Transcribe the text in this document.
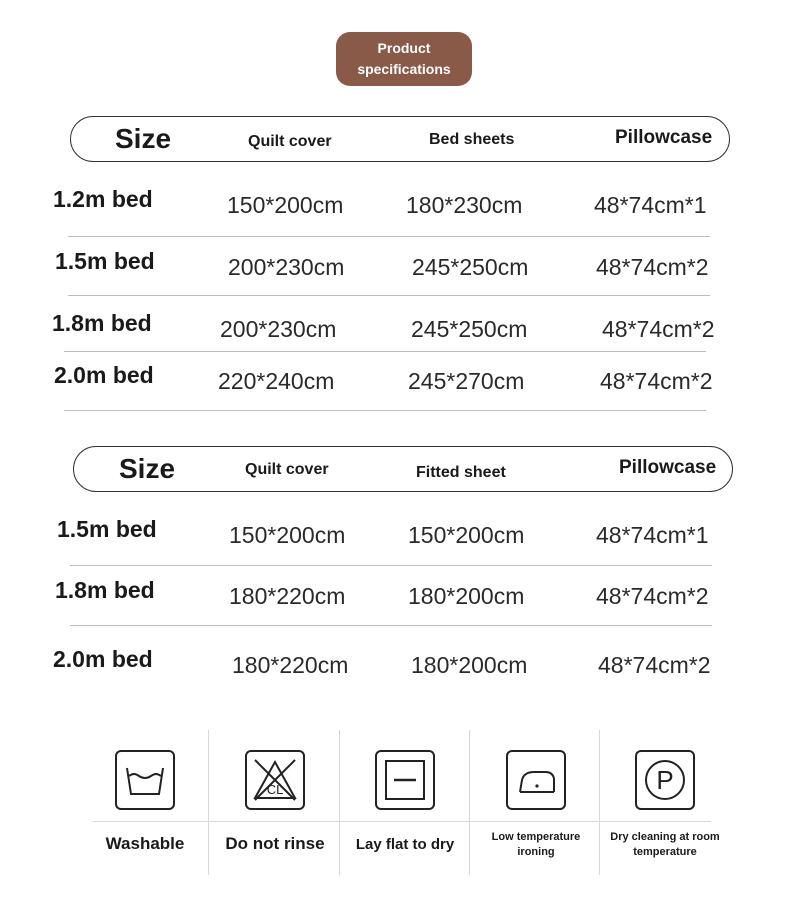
Product
specifications
Size	Quilt cover	Bed sheets	Pillowcase
1.2m bed	150*200cm	180*230cm	48*74cm*1
1.5m bed	200*230cm	245*250cm	48*74cm*2
1.8m bed	200*230cm	245*250cm	48*74cm*2
2.0m bed	220*240cm	245*270cm	48*74cm*2
Size	Quilt cover	Fitted sheet	Pillowcase
1.5m bed	150*200cm	150*200cm	48*74cm*1
1.8m bed	180*220cm	180*200cm	48*74cm*2
2.0m bed	180*220cm	180*200cm	48*74cm*2
Washable
CL
Do not rinse	Lay flat to dry	Low temperature
ironing
P
Dry cleaning at room
temperature
